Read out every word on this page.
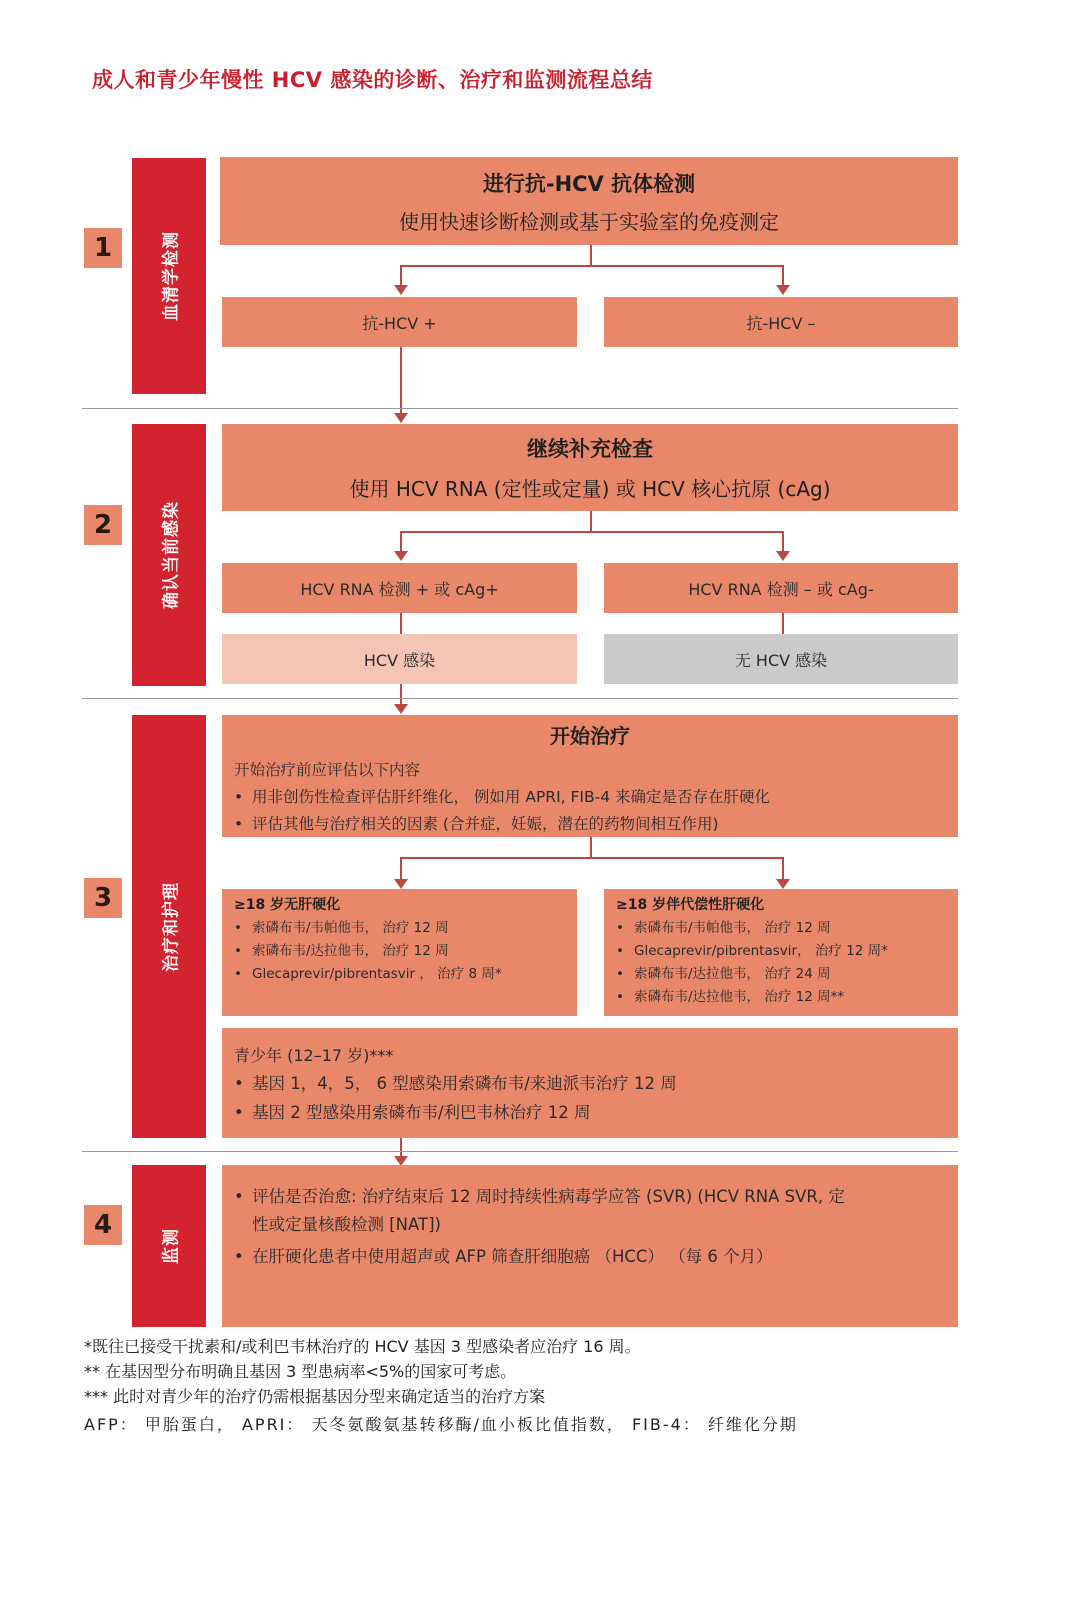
成人和青少年慢性 HCV 感染的诊断、治疗和监测流程总结
1	血清学检测
进行抗-HCV 抗体检测
使用快速诊断检测或基于实验室的免疫测定
抗-HCV +	抗-HCV –
2	确认当前感染
继续补充检查
使用 HCV RNA (定性或定量) 或 HCV 核心抗原 (cAg)
HCV RNA 检测 + 或 cAg+	HCV RNA 检测 – 或 cAg-
HCV 感染	无 HCV 感染
3	治疗和护理
开始治疗
开始治疗前应评估以下内容
• 用非创伤性检查评估肝纤维化， 例如用 APRI, FIB-4 来确定是否存在肝硬化
• 评估其他与治疗相关的因素 (合并症，妊娠，潜在的药物间相互作用)
≥18 岁无肝硬化
• 索磷布韦/韦帕他韦， 治疗 12 周
• 索磷布韦/达拉他韦， 治疗 12 周
• Glecaprevir/pibrentasvir ， 治疗 8 周*
≥18 岁伴代偿性肝硬化
• 索磷布韦/韦帕他韦， 治疗 12 周
• Glecaprevir/pibrentasvir， 治疗 12 周*
• 索磷布韦/达拉他韦， 治疗 24 周
• 索磷布韦/达拉他韦， 治疗 12 周**
青少年 (12–17 岁)***
• 基因 1，4，5， 6 型感染用索磷布韦/来迪派韦治疗 12 周
• 基因 2 型感染用索磷布韦/利巴韦林治疗 12 周
4
监测
• 评估是否治愈: 治疗结束后 12 周时持续性病毒学应答 (SVR) (HCV RNA SVR, 定性或定量核酸检测 [NAT])
• 在肝硬化患者中使用超声或 AFP 筛查肝细胞癌 （HCC） （每 6 个月）
*既往已接受干扰素和/或利巴韦林治疗的 HCV 基因 3 型感染者应治疗 16 周。
** 在基因型分布明确且基因 3 型患病率<5%的国家可考虑。
*** 此时对青少年的治疗仍需根据基因分型来确定适当的治疗方案
AFP： 甲胎蛋白， APRI： 天冬氨酸氨基转移酶/血小板比值指数， FIB-4： 纤维化分期
